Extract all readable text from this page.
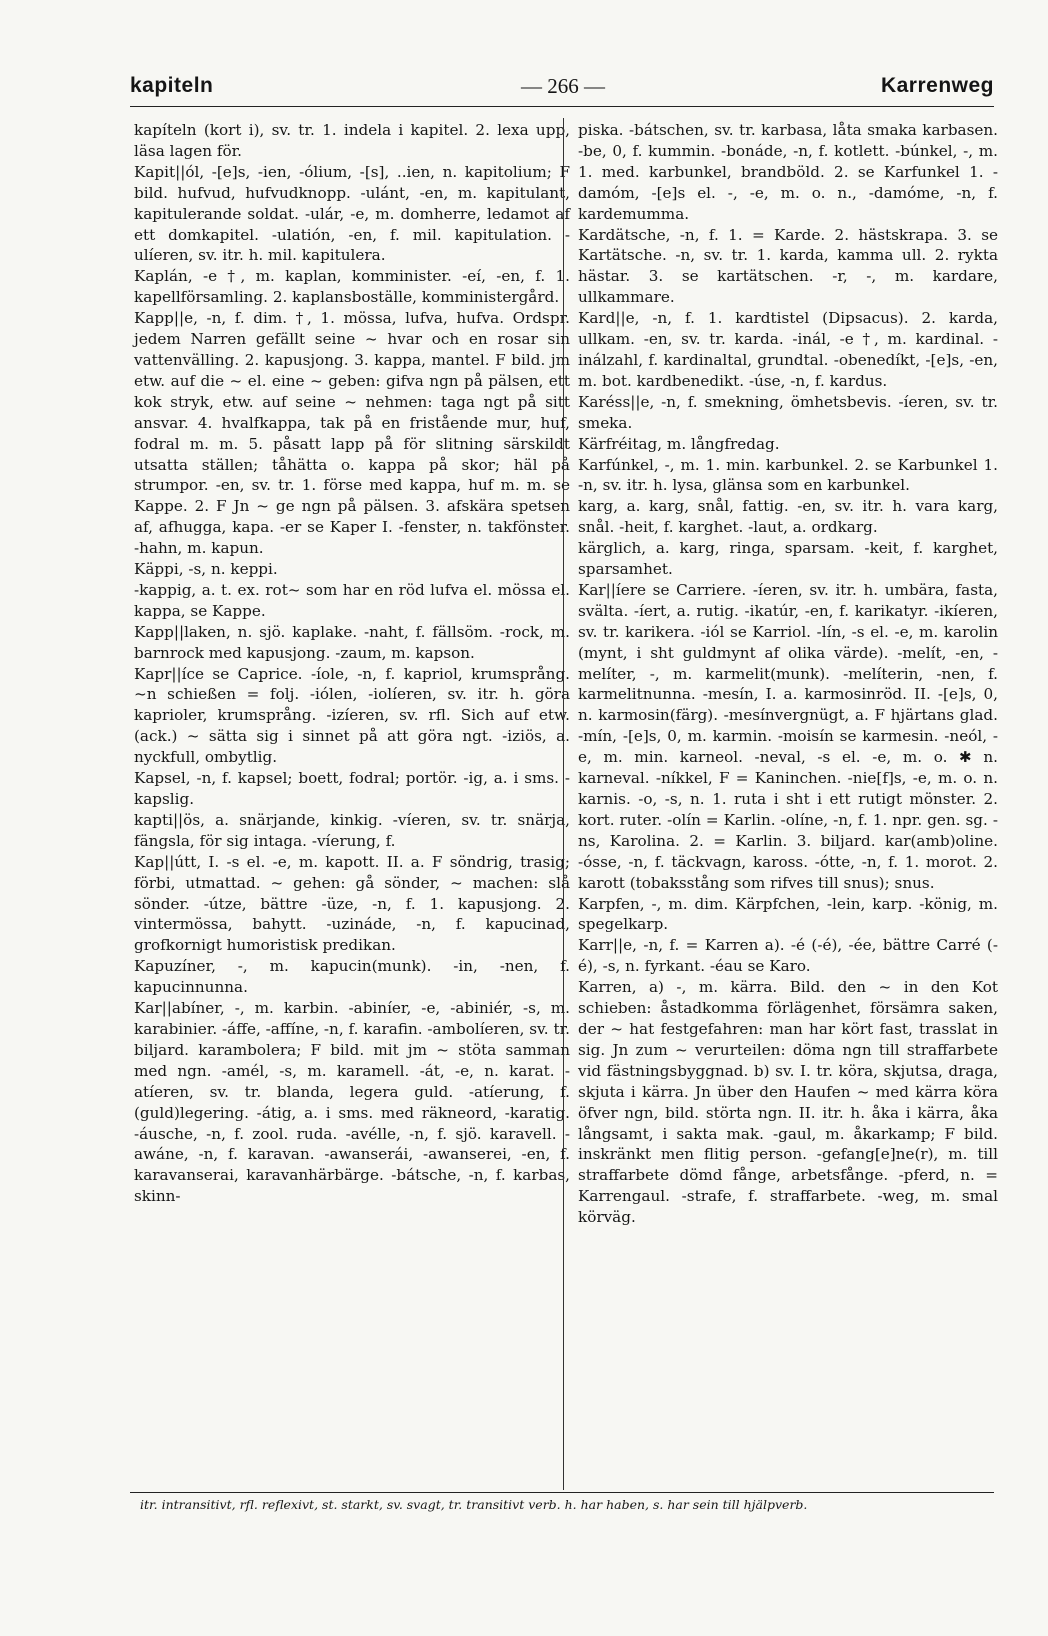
kapiteln	— 266 —	Karrenweg
kapíteln (kort i), sv. tr. 1. indela i kapitel. 2. lexa upp, läsa lagen för.
Kapit||ól, -[e]s, -ien, -ólium, -[s], ..ien, n. kapitolium; F bild. hufvud, hufvudknopp. -ulánt, -en, m. kapitulant, kapitulerande soldat. -ulár, -e, m. domherre, ledamot af ett domkapitel. -ulatión, -en, f. mil. kapitulation. -ulíeren, sv. itr. h. mil. kapitulera.
Kaplán, -e †, m. kaplan, komminister. -eí, -en, f. 1. kapellförsamling. 2. kaplansboställe, komministergård.
Kapp||e, -n, f. dim. †, 1. mössa, lufva, hufva. Ordspr. jedem Narren gefällt seine ~ hvar och en rosar sin vattenvälling. 2. kapusjong. 3. kappa, mantel. F bild. jm etw. auf die ~ el. eine ~ geben: gifva ngn på pälsen, ett kok stryk, etw. auf seine ~ nehmen: taga ngt på sitt ansvar. 4. hvalfkappa, tak på en fristående mur, huf, fodral m. m. 5. påsatt lapp på för slitning särskildt utsatta ställen; tåhätta o. kappa på skor; häl på strumpor. -en, sv. tr. 1. förse med kappa, huf m. m. se Kappe. 2. F Jn ~ ge ngn på pälsen. 3. afskära spetsen af, afhugga, kapa. -er se Kaper I. -fenster, n. takfönster. -hahn, m. kapun.
Käppi, -s, n. keppi.
-kappig, a. t. ex. rot~ som har en röd lufva el. mössa el. kappa, se Kappe.
Kapp||laken, n. sjö. kaplake. -naht, f. fällsöm. -rock, m. barnrock med kapusjong. -zaum, m. kapson.
Kapr||íce se Caprice. -íole, -n, f. kapriol, krumsprång. ~n schießen = folj. -iólen, -iolíeren, sv. itr. h. göra kaprioler, krumsprång. -izíeren, sv. rfl. Sich auf etw. (ack.) ~ sätta sig i sinnet på att göra ngt. -iziös, a. nyckfull, ombytlig.
Kapsel, -n, f. kapsel; boett, fodral; portör. -ig, a. i sms. -kapslig.
kapti||ös, a. snärjande, kinkig. -víeren, sv. tr. snärja, fängsla, för sig intaga. -víerung, f.
Kap||útt, I. -s el. -e, m. kapott. II. a. F söndrig, trasig; förbi, utmattad. ~ gehen: gå sönder, ~ machen: slå sönder. -útze, bättre -üze, -n, f. 1. kapusjong. 2. vintermössa, bahytt. -uzináde, -n, f. kapucinad, grofkornigt humoristisk predikan.
Kapuzíner, -, m. kapucin(munk). -in, -nen, f. kapucinnunna.
Kar||abíner, -, m. karbin. -abiníer, -e, -abiniér, -s, m. karabinier. -áffe, -affíne, -n, f. karafin. -ambolíeren, sv. tr. biljard. karambolera; F bild. mit jm ~ stöta samman med ngn. -amél, -s, m. karamell. -át, -e, n. karat. -atíeren, sv. tr. blanda, legera guld. -atíerung, f. (guld)legering. -átig, a. i sms. med räkneord, -karatig. -áusche, -n, f. zool. ruda. -avélle, -n, f. sjö. karavell. -awáne, -n, f. karavan. -awanserái, -awanserei, -en, f. karavanserai, karavanhärbärge. -bátsche, -n, f. karbas, skinn-
piska. -bátschen, sv. tr. karbasa, låta smaka karbasen. -be, 0, f. kummin. -bonáde, -n, f. kotlett. -búnkel, -, m. 1. med. karbunkel, brandböld. 2. se Karfunkel 1. -damóm, -[e]s el. -, -e, m. o. n., -damóme, -n, f. kardemumma.
Kardätsche, -n, f. 1. = Karde. 2. hästskrapa. 3. se Kartätsche. -n, sv. tr. 1. karda, kamma ull. 2. rykta hästar. 3. se kartätschen. -r, -, m. kardare, ullkammare.
Kard||e, -n, f. 1. kardtistel (Dipsacus). 2. karda, ullkam. -en, sv. tr. karda. -inál, -e †, m. kardinal. -inálzahl, f. kardinaltal, grundtal. -obenedíkt, -[e]s, -en, m. bot. kardbenedikt. -úse, -n, f. kardus.
Karéss||e, -n, f. smekning, ömhetsbevis. -íeren, sv. tr. smeka.
Kärfréitag, m. långfredag.
Karfúnkel, -, m. 1. min. karbunkel. 2. se Karbunkel 1. -n, sv. itr. h. lysa, glänsa som en karbunkel.
karg, a. karg, snål, fattig. -en, sv. itr. h. vara karg, snål. -heit, f. karghet. -laut, a. ordkarg.
kärglich, a. karg, ringa, sparsam. -keit, f. karghet, sparsamhet.
Kar||íere se Carriere. -íeren, sv. itr. h. umbära, fasta, svälta. -íert, a. rutig. -ikatúr, -en, f. karikatyr. -ikíeren, sv. tr. karikera. -iól se Karriol. -lín, -s el. -e, m. karolin (mynt, i sht guldmynt af olika värde). -melít, -en, -melíter, -, m. karmelit(munk). -melíterin, -nen, f. karmelitnunna. -mesín, I. a. karmosinröd. II. -[e]s, 0, n. karmosin(färg). -mesínvergnügt, a. F hjärtans glad. -mín, -[e]s, 0, m. karmin. -moisín se karmesin. -neól, -e, m. min. karneol. -neval, -s el. -e, m. o. ✱ n. karneval. -níkkel, F = Kaninchen. -nie[f]s, -e, m. o. n. karnis. -o, -s, n. 1. ruta i sht i ett rutigt mönster. 2. kort. ruter. -olín = Karlin. -olíne, -n, f. 1. npr. gen. sg. -ns, Karolina. 2. = Karlin. 3. biljard. kar(amb)oline. -ósse, -n, f. täckvagn, kaross. -ótte, -n, f. 1. morot. 2. karott (tobaksstång som rifves till snus); snus.
Karpfen, -, m. dim. Kärpfchen, -lein, karp. -könig, m. spegelkarp.
Karr||e, -n, f. = Karren a). -é (-é), -ée, bättre Carré (-é), -s, n. fyrkant. -éau se Karo.
Karren, a) -, m. kärra. Bild. den ~ in den Kot schieben: åstadkomma förlägenhet, försämra saken, der ~ hat festgefahren: man har kört fast, trasslat in sig. Jn zum ~ verurteilen: döma ngn till straffarbete vid fästningsbyggnad. b) sv. I. tr. köra, skjutsa, draga, skjuta i kärra. Jn über den Haufen ~ med kärra köra öfver ngn, bild. störta ngn. II. itr. h. åka i kärra, åka långsamt, i sakta mak. -gaul, m. åkarkamp; F bild. inskränkt men flitig person. -gefang[e]ne(r), m. till straffarbete dömd fånge, arbetsfånge. -pferd, n. = Karrengaul. -strafe, f. straffarbete. -weg, m. smal körväg.
itr. intransitivt, rfl. reflexivt, st. starkt, sv. svagt, tr. transitivt verb. h. har haben, s. har sein till hjälpverb.
